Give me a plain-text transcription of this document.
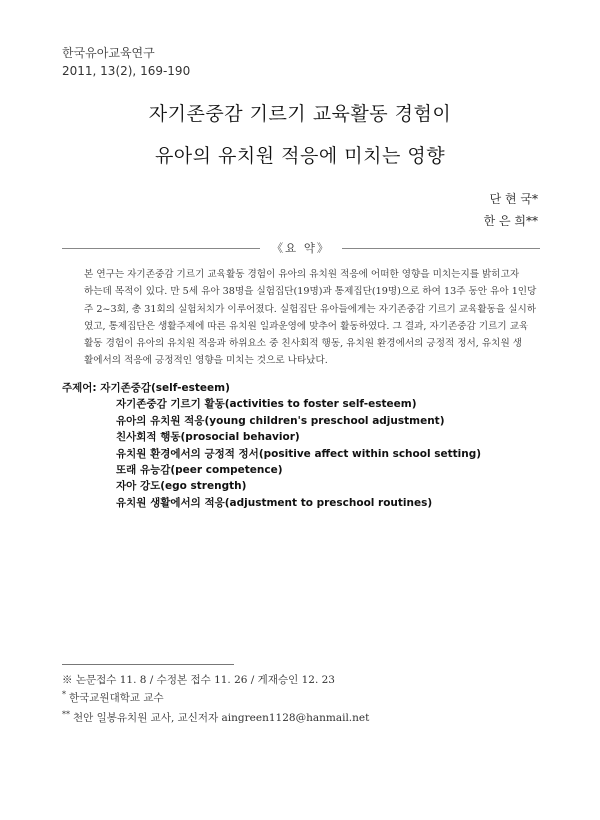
한국유아교육연구
2011, 13(2), 169-190
자기존중감 기르기 교육활동 경험이
유아의 유치원 적응에 미치는 영향
단 현 국*
한 은 희**
《요 약》
본 연구는 자기존중감 기르기 교육활동 경험이 유아의 유치원 적응에 어떠한 영향을 미치는지를 밝히고자
하는데 목적이 있다. 만 5세 유아 38명을 실험집단(19명)과 통제집단(19명)으로 하여 13주 동안 유아 1인당
주 2~3회, 총 31회의 실험처치가 이루어졌다. 실험집단 유아들에게는 자기존중감 기르기 교육활동을 실시하
였고, 통제집단은 생활주제에 따른 유치원 일과운영에 맞추어 활동하였다. 그 결과, 자기존중감 기르기 교육
활동 경험이 유아의 유치원 적응과 하위요소 중 친사회적 행동, 유치원 환경에서의 긍정적 정서, 유치원 생
활에서의 적응에 긍정적인 영향을 미치는 것으로 나타났다.
주제어: 자기존중감(self-esteem)
자기존중감 기르기 활동(activities to foster self-esteem)
유아의 유치원 적응(young children's preschool adjustment)
친사회적 행동(prosocial behavior)
유치원 환경에서의 긍정적 정서(positive affect within school setting)
또래 유능감(peer competence)
자아 강도(ego strength)
유치원 생활에서의 적응(adjustment to preschool routines)
※ 논문접수 11. 8 / 수정본 접수 11. 26 / 게재승인 12. 23
* 한국교원대학교 교수
** 천안 일봉유치원 교사, 교신저자 aingreen1128@hanmail.net
